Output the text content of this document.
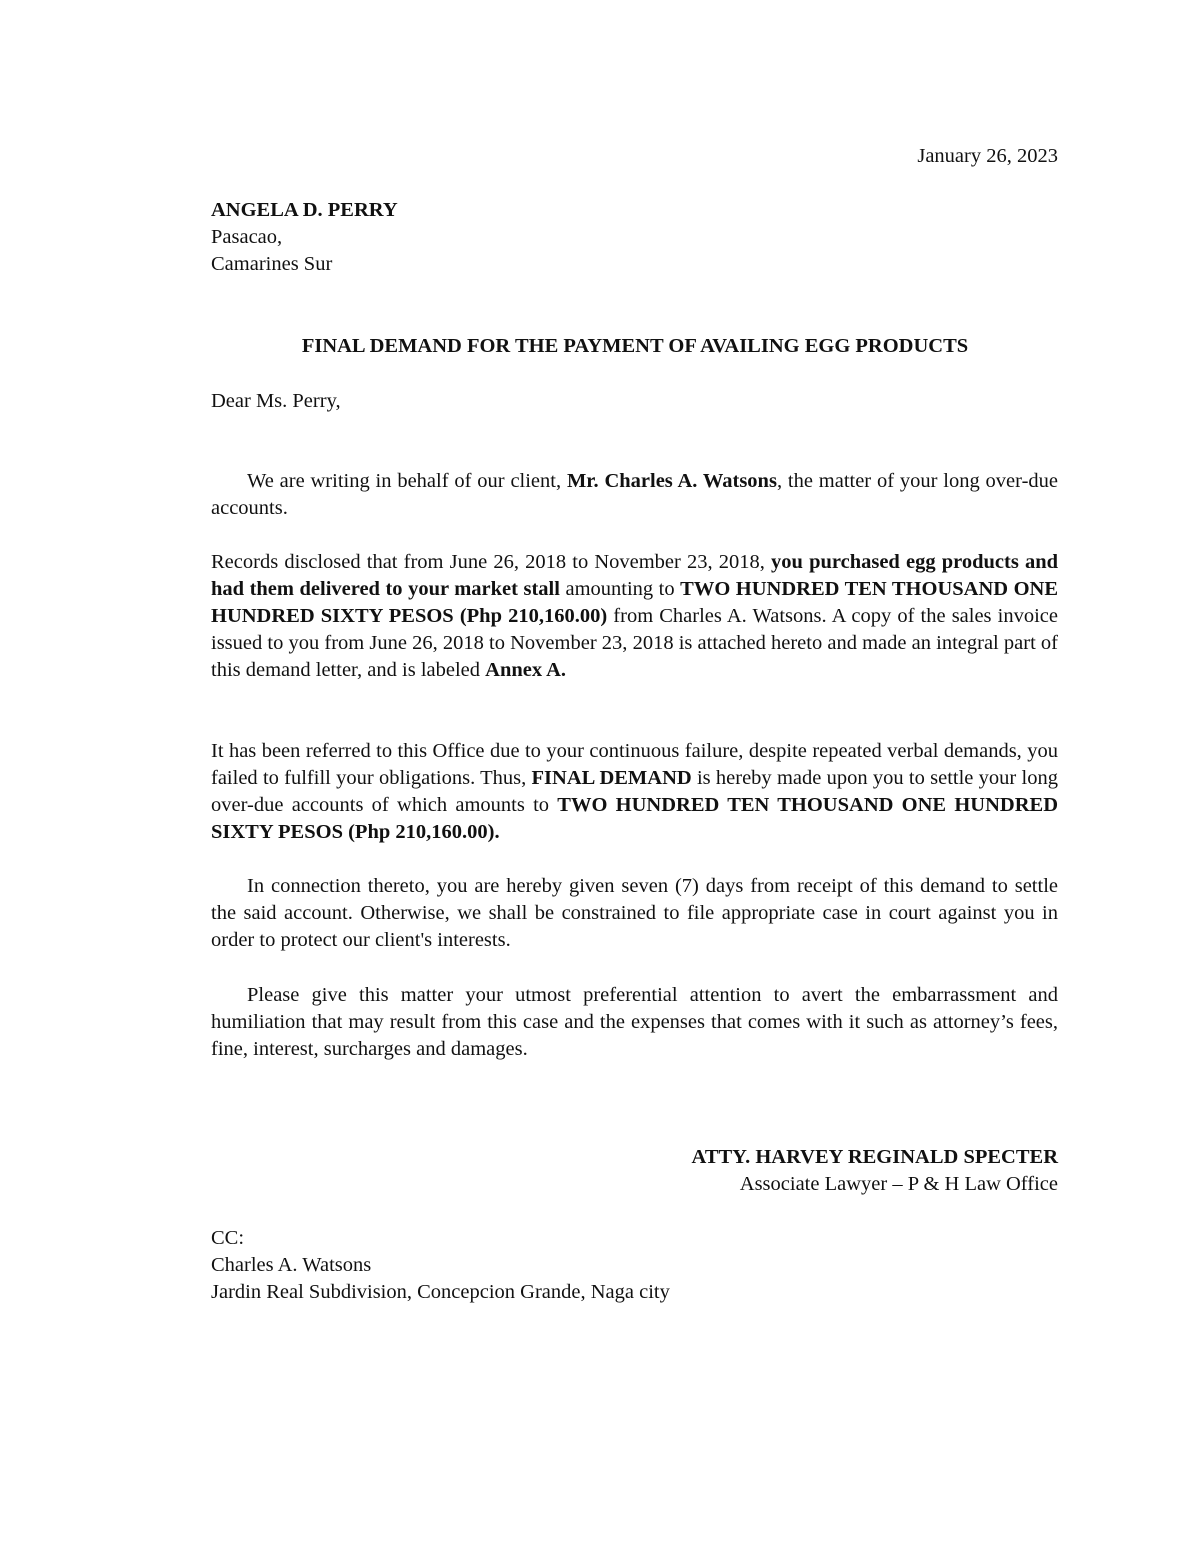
January 26, 2023
ANGELA D. PERRY
Pasacao,
Camarines Sur
FINAL DEMAND FOR THE PAYMENT OF AVAILING EGG PRODUCTS
Dear Ms. Perry,

We are writing in behalf of our client, Mr. Charles A. Watsons, the matter of your long over-due accounts.

Records disclosed that from June 26, 2018 to November 23, 2018, you purchased egg products and had them delivered to your market stall amounting to TWO HUNDRED TEN THOUSAND ONE HUNDRED SIXTY PESOS (Php 210,160.00) from Charles A. Watsons. A copy of the sales invoice issued to you from June 26, 2018 to November 23, 2018 is attached hereto and made an integral part of this demand letter, and is labeled Annex A.

It has been referred to this Office due to your continuous failure, despite repeated verbal demands, you failed to fulfill your obligations. Thus, FINAL DEMAND is hereby made upon you to settle your long over-due accounts of which amounts to TWO HUNDRED TEN THOUSAND ONE HUNDRED SIXTY PESOS (Php 210,160.00).

In connection thereto, you are hereby given seven (7) days from receipt of this demand to settle the said account. Otherwise, we shall be constrained to file appropriate case in court against you in order to protect our client's interests.

Please give this matter your utmost preferential attention to avert the embarrassment and humiliation that may result from this case and the expenses that comes with it such as attorney’s fees, fine, interest, surcharges and damages.

ATTY. HARVEY REGINALD SPECTER
Associate Lawyer – P & H Law Office
CC:
Charles A. Watsons
Jardin Real Subdivision, Concepcion Grande, Naga city
